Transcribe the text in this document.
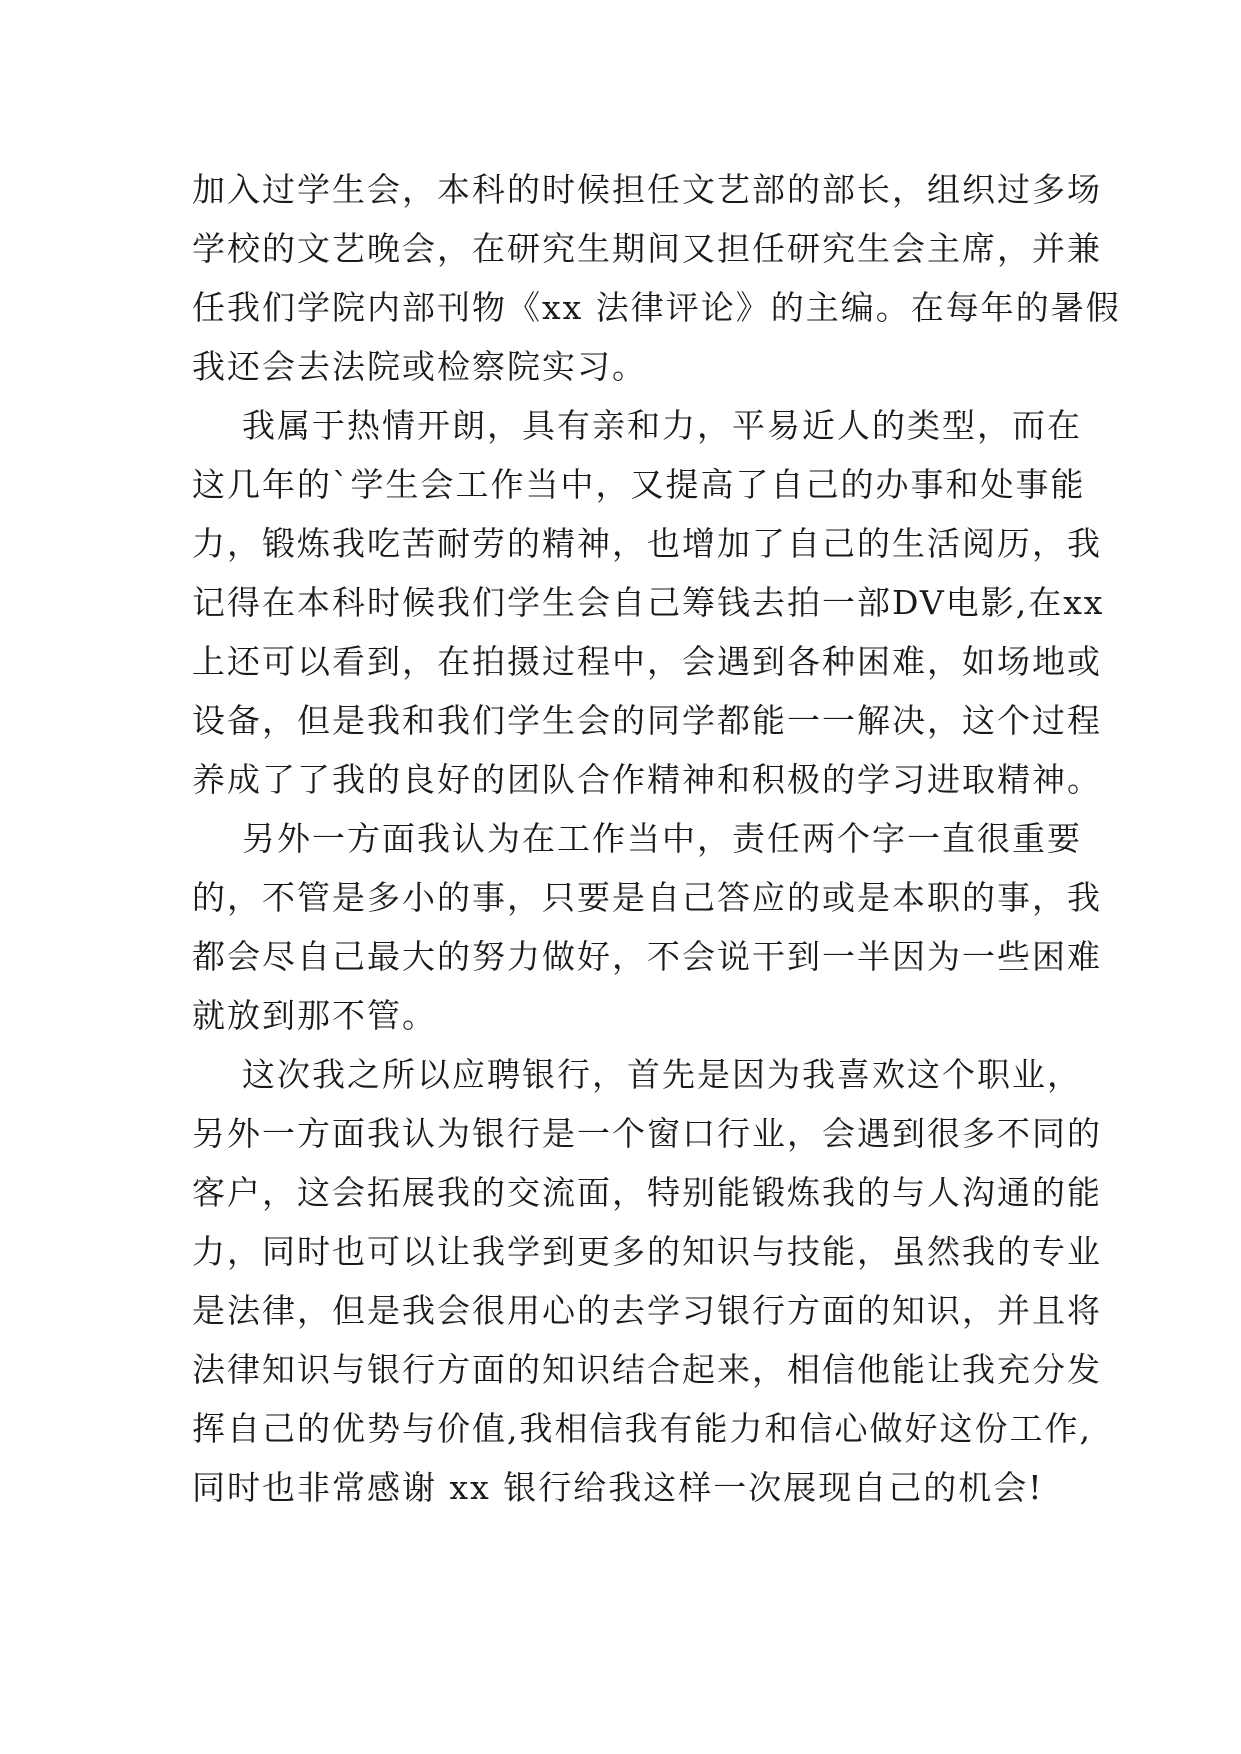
加入过学生会，本科的时候担任文艺部的部长，组织过多场
学校的文艺晚会，在研究生期间又担任研究生会主席，并兼
任我们学院内部刊物《xx 法律评论》的主编。在每年的暑假
我还会去法院或检察院实习。
我属于热情开朗，具有亲和力，平易近人的类型，而在
这几年的`学生会工作当中，又提高了自己的办事和处事能
力，锻炼我吃苦耐劳的精神，也增加了自己的生活阅历，我
记得在本科时候我们学生会自己筹钱去拍一部DV电影,在xx
上还可以看到，在拍摄过程中，会遇到各种困难，如场地或
设备，但是我和我们学生会的同学都能一一解决，这个过程
养成了了我的良好的团队合作精神和积极的学习进取精神。
另外一方面我认为在工作当中，责任两个字一直很重要
的，不管是多小的事，只要是自己答应的或是本职的事，我
都会尽自己最大的努力做好，不会说干到一半因为一些困难
就放到那不管。
这次我之所以应聘银行，首先是因为我喜欢这个职业，
另外一方面我认为银行是一个窗口行业，会遇到很多不同的
客户，这会拓展我的交流面，特别能锻炼我的与人沟通的能
力，同时也可以让我学到更多的知识与技能，虽然我的专业
是法律，但是我会很用心的去学习银行方面的知识，并且将
法律知识与银行方面的知识结合起来，相信他能让我充分发
挥自己的优势与价值,我相信我有能力和信心做好这份工作,
同时也非常感谢 xx 银行给我这样一次展现自己的机会!
